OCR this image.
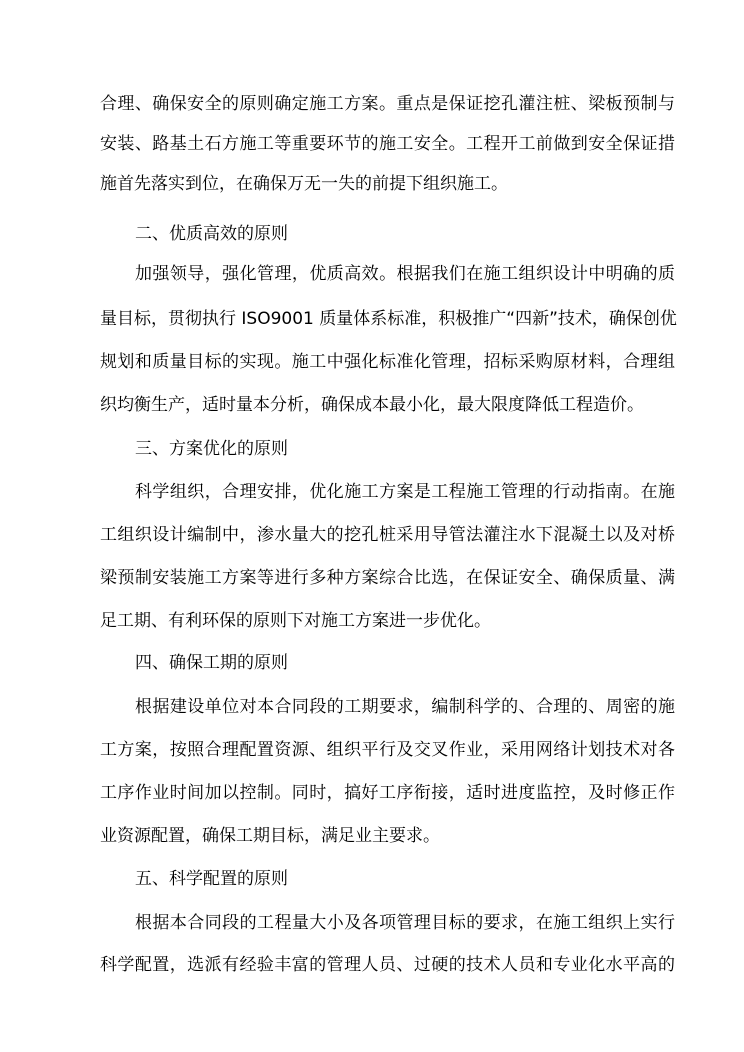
合理、确保安全的原则确定施工方案。重点是保证挖孔灌注桩、梁板预制与
安装、路基土石方施工等重要环节的施工安全。工程开工前做到安全保证措
施首先落实到位，在确保万无一失的前提下组织施工。
二、优质高效的原则
加强领导，强化管理，优质高效。根据我们在施工组织设计中明确的质
量目标，贯彻执行 ISO9001 质量体系标准，积极推广“四新”技术，确保创优
规划和质量目标的实现。施工中强化标准化管理，招标采购原材料，合理组
织均衡生产，适时量本分析，确保成本最小化，最大限度降低工程造价。
三、方案优化的原则
科学组织，合理安排，优化施工方案是工程施工管理的行动指南。在施
工组织设计编制中，渗水量大的挖孔桩采用导管法灌注水下混凝土以及对桥
梁预制安装施工方案等进行多种方案综合比选，在保证安全、确保质量、满
足工期、有利环保的原则下对施工方案进一步优化。
四、确保工期的原则
根据建设单位对本合同段的工期要求，编制科学的、合理的、周密的施
工方案，按照合理配置资源、组织平行及交叉作业，采用网络计划技术对各
工序作业时间加以控制。同时，搞好工序衔接，适时进度监控，及时修正作
业资源配置，确保工期目标，满足业主要求。
五、科学配置的原则
根据本合同段的工程量大小及各项管理目标的要求，在施工组织上实行
科学配置，选派有经验丰富的管理人员、过硬的技术人员和专业化水平高的
